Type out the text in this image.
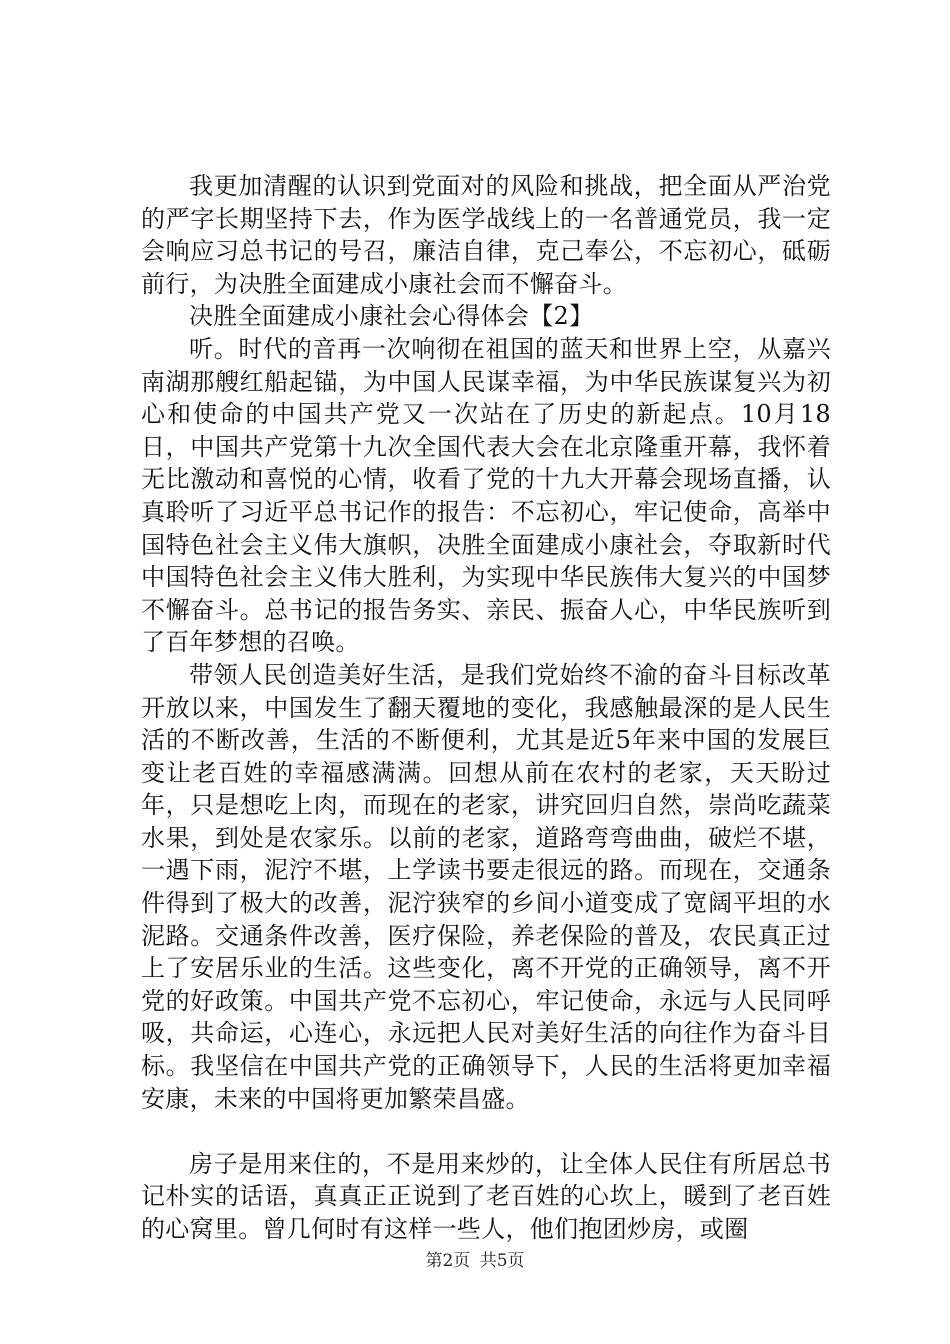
我更加清醒的认识到党面对的风险和挑战，把全面从严治党的严字长期坚持下去，作为医学战线上的一名普通党员，我一定会响应习总书记的号召，廉洁自律，克己奉公，不忘初心，砥砺前行，为决胜全面建成小康社会而不懈奋斗。

决胜全面建成小康社会心得体会【2】

听。时代的音再一次响彻在祖国的蓝天和世界上空，从嘉兴南湖那艘红船起锚，为中国人民谋幸福，为中华民族谋复兴为初心和使命的中国共产党又一次站在了历史的新起点。10月18日，中国共产党第十九次全国代表大会在北京隆重开幕，我怀着无比激动和喜悦的心情，收看了党的十九大开幕会现场直播，认真聆听了习近平总书记作的报告：不忘初心，牢记使命，高举中国特色社会主义伟大旗帜，决胜全面建成小康社会，夺取新时代中国特色社会主义伟大胜利，为实现中华民族伟大复兴的中国梦不懈奋斗。总书记的报告务实、亲民、振奋人心，中华民族听到了百年梦想的召唤。

带领人民创造美好生活，是我们党始终不渝的奋斗目标改革开放以来，中国发生了翻天覆地的变化，我感触最深的是人民生活的不断改善，生活的不断便利，尤其是近5年来中国的发展巨变让老百姓的幸福感满满。回想从前在农村的老家，天天盼过年，只是想吃上肉，而现在的老家，讲究回归自然，崇尚吃蔬菜水果，到处是农家乐。以前的老家，道路弯弯曲曲，破烂不堪，一遇下雨，泥泞不堪，上学读书要走很远的路。而现在，交通条件得到了极大的改善，泥泞狭窄的乡间小道变成了宽阔平坦的水泥路。交通条件改善，医疗保险，养老保险的普及，农民真正过上了安居乐业的生活。这些变化，离不开党的正确领导，离不开党的好政策。中国共产党不忘初心，牢记使命，永远与人民同呼吸，共命运，心连心，永远把人民对美好生活的向往作为奋斗目标。我坚信在中国共产党的正确领导下，人民的生活将更加幸福安康，未来的中国将更加繁荣昌盛。

房子是用来住的，不是用来炒的，让全体人民住有所居总书记朴实的话语，真真正正说到了老百姓的心坎上，暖到了老百姓的心窝里。曾几何时有这样一些人，他们抱团炒房，或圈

第2页 共5页
